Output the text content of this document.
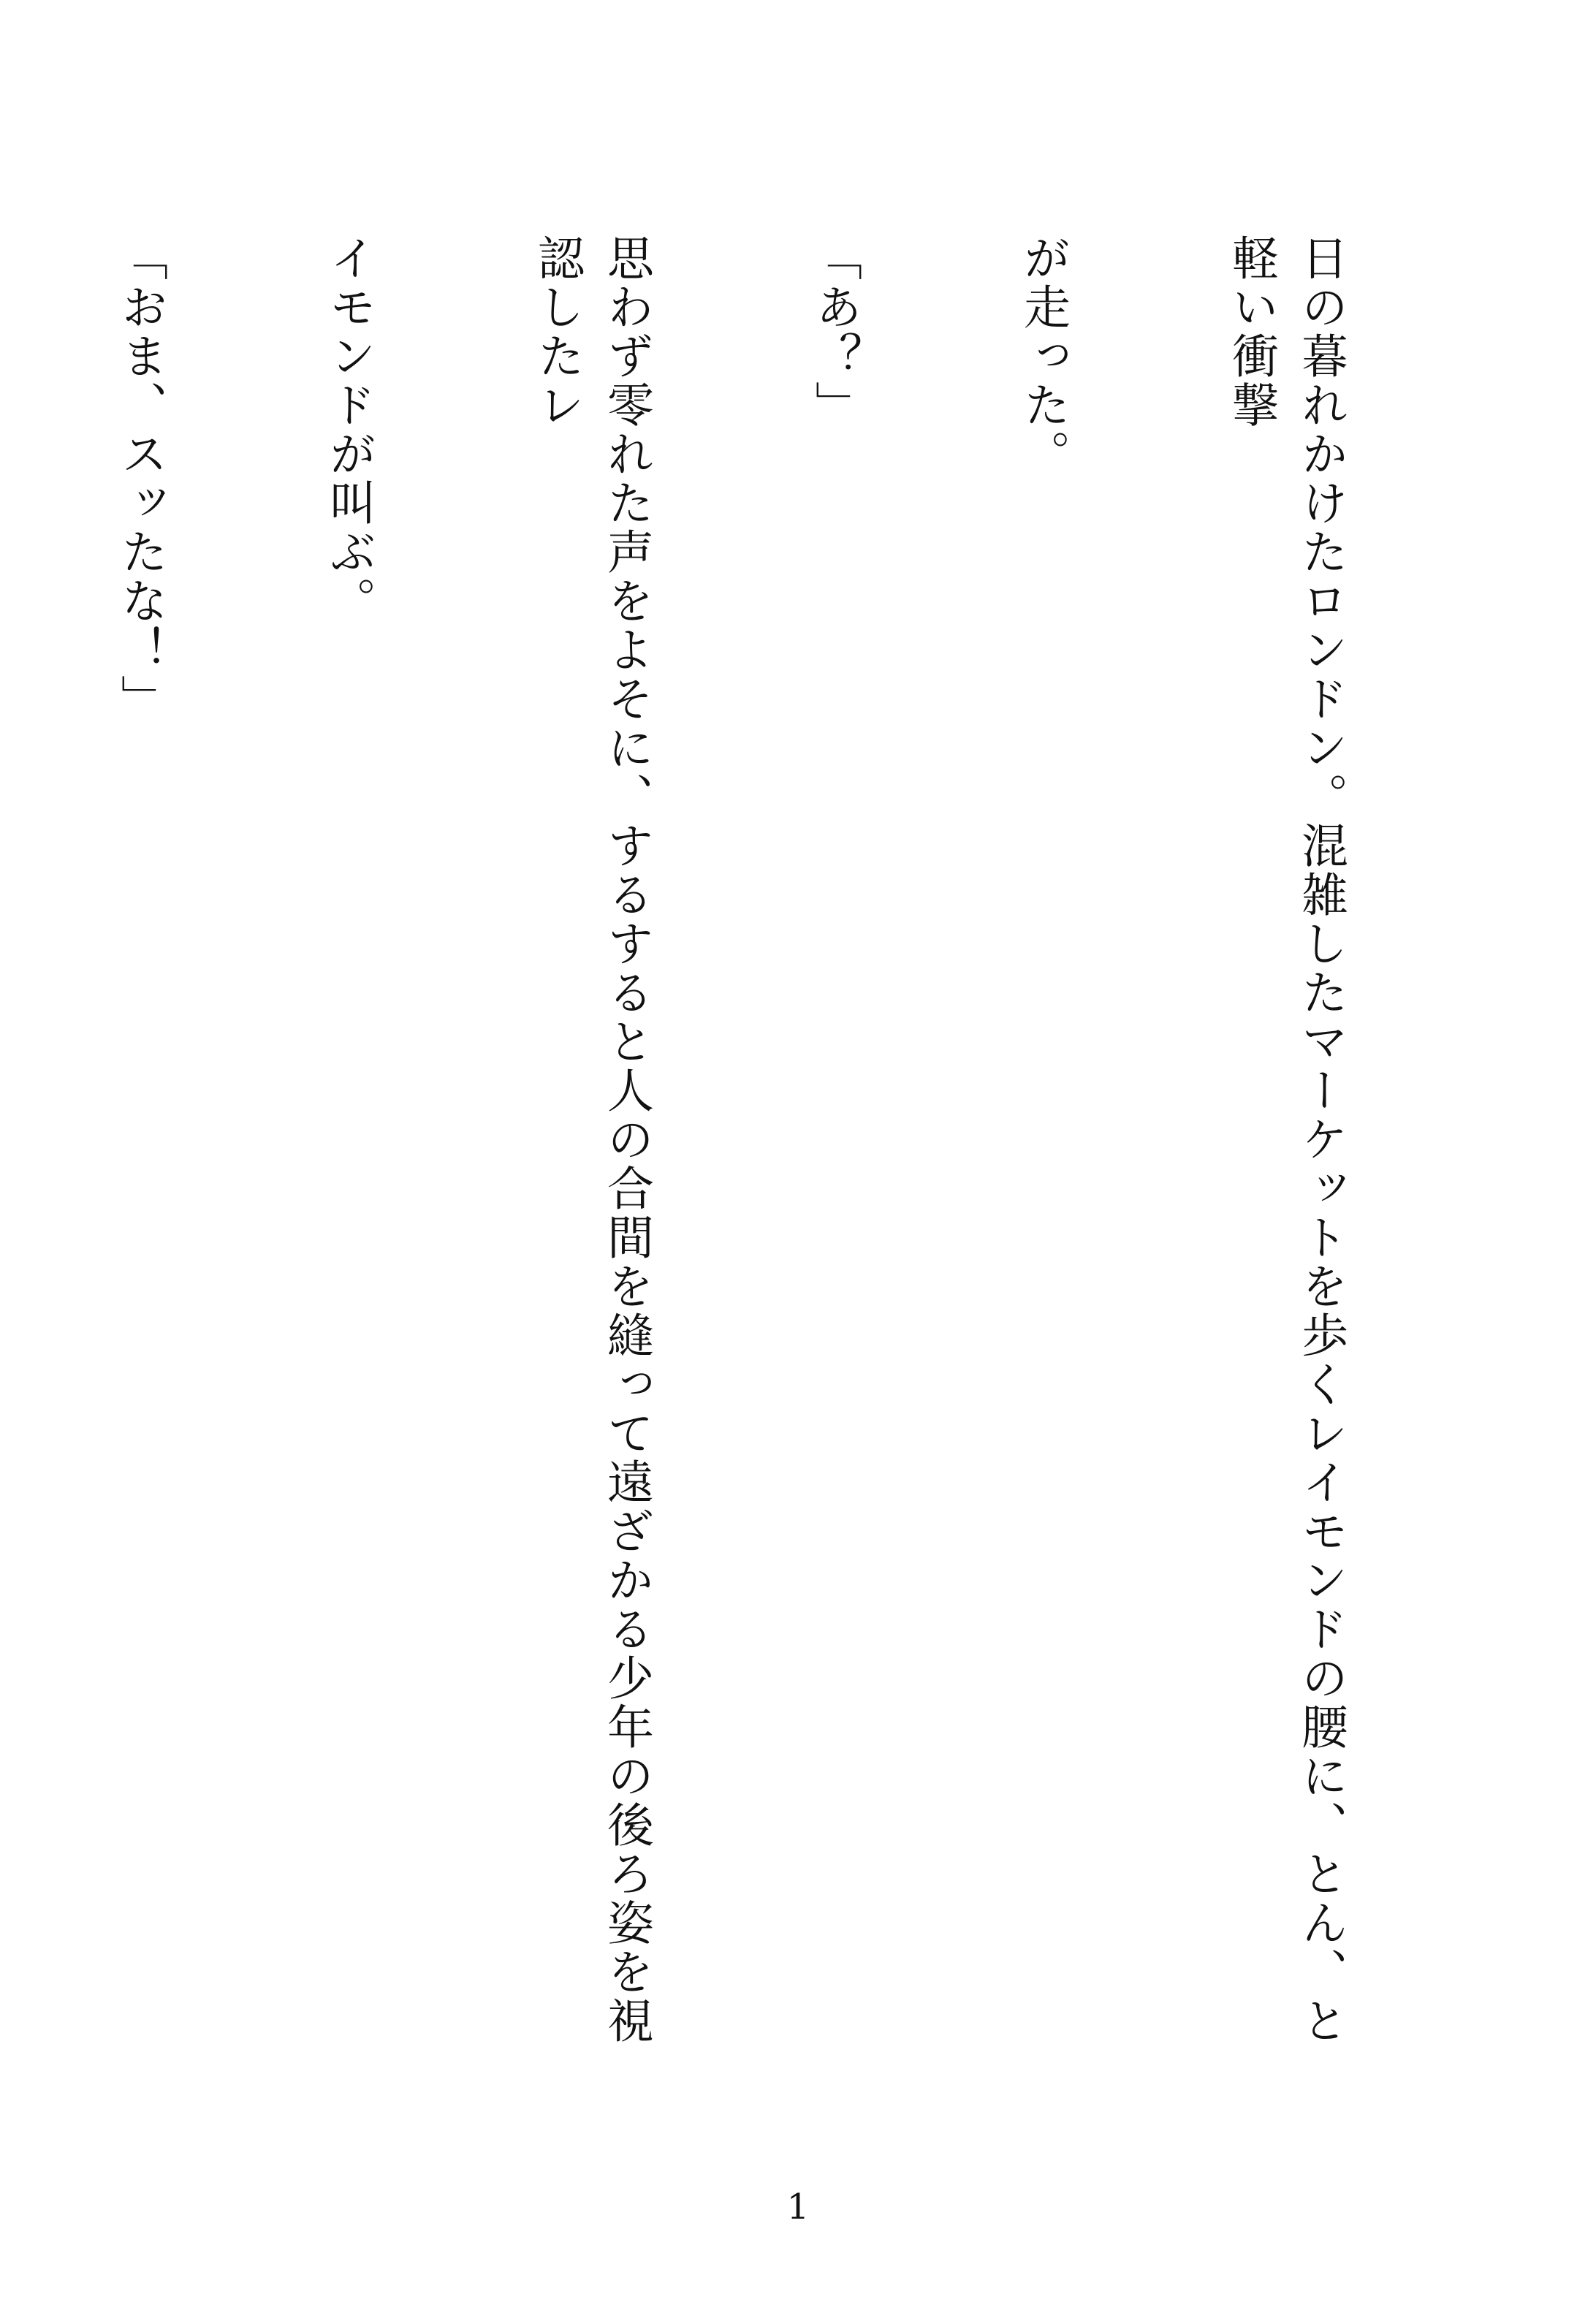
日の暮れかけたロンドン。混雑したマーケットを歩くレイモンドの腰に、とん、と軽い衝撃

が走った。

「あ？」

思わず零れた声をよそに、するすると人の合間を縫って遠ざかる少年の後ろ姿を視認したレ

イモンドが叫ぶ。

「おま、スッたな！」

1
